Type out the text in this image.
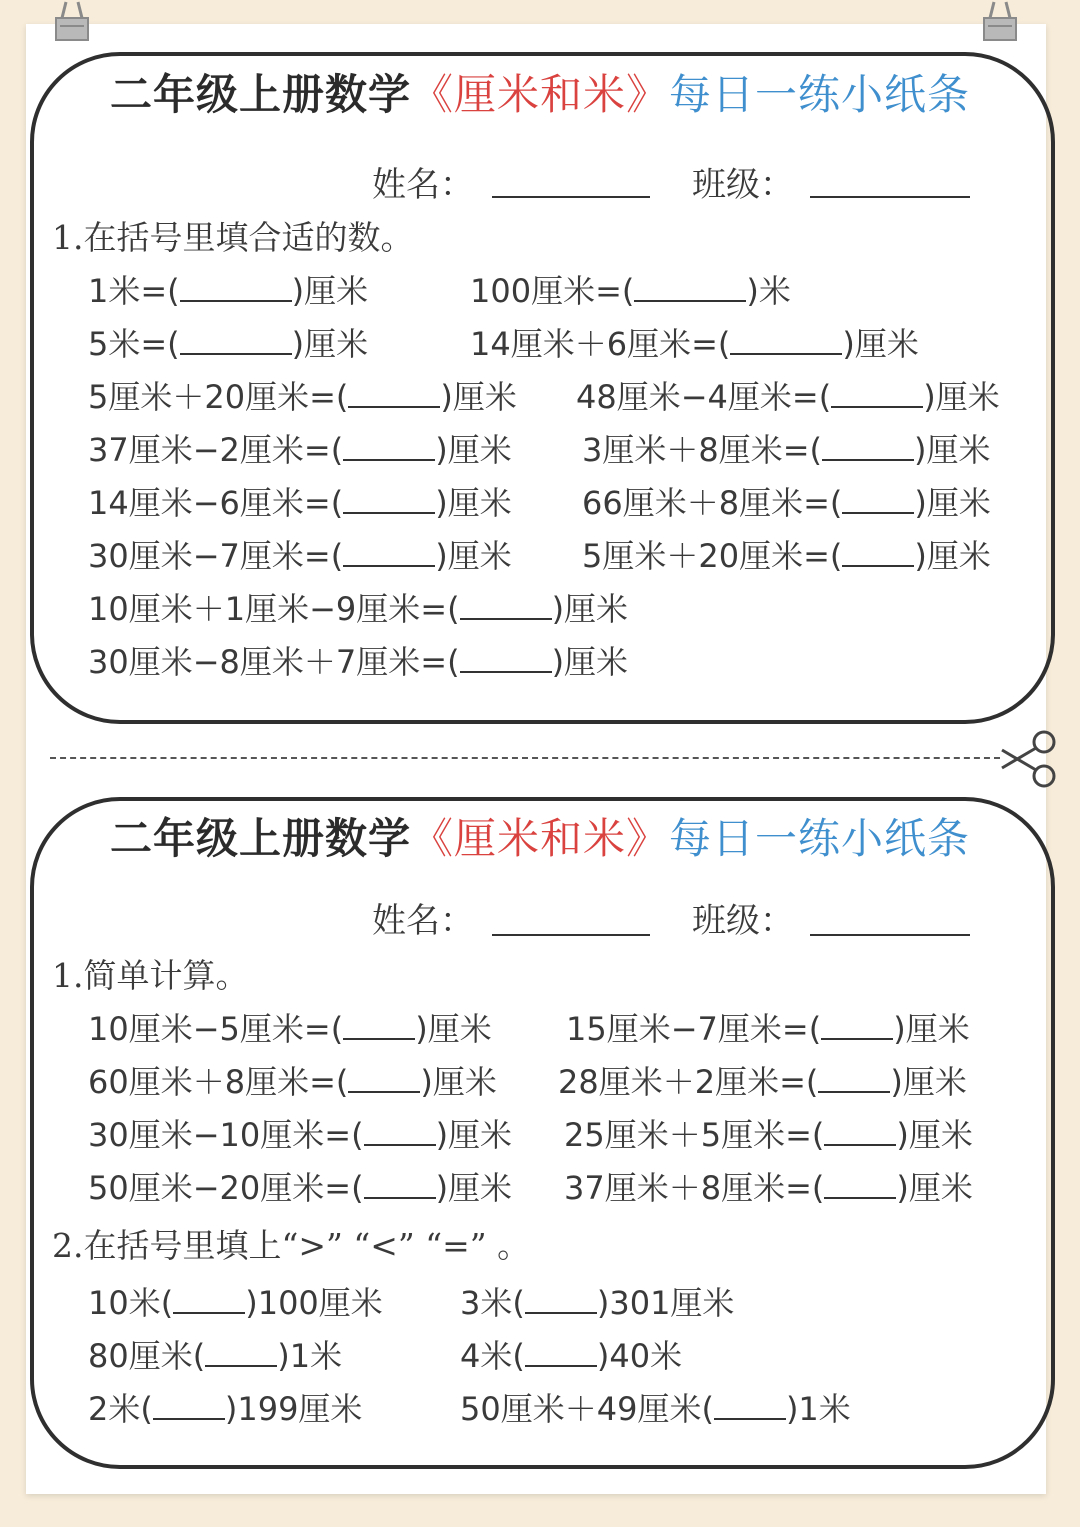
二年级上册数学《厘米和米》每日一练小纸条
姓名：	班级：
1.在括号里填合适的数。
1米=(	)厘米	100厘米=(	)米
5米=(	)厘米	14厘米＋6厘米=(	)厘米
5厘米＋20厘米=(	)厘米 48厘米−4厘米=(	)厘米
37厘米−2厘米=(	)厘米 3厘米＋8厘米=(	)厘米
14厘米−6厘米=(	)厘米 66厘米＋8厘米=( )厘米
30厘米−7厘米=(	)厘米 5厘米＋20厘米=( )厘米
10厘米＋1厘米−9厘米=(	)厘米
30厘米−8厘米＋7厘米=(	)厘米
二年级上册数学《厘米和米》每日一练小纸条
姓名：	班级：
1.简单计算。
10厘米−5厘米=( )厘米 15厘米−7厘米=( )厘米
60厘米＋8厘米=( )厘米 28厘米＋2厘米=( )厘米
30厘米−10厘米=( )厘米 25厘米＋5厘米=( )厘米
50厘米−20厘米=( )厘米 37厘米＋8厘米=( )厘米
2.在括号里填上“>” “<” “=” 。
10米( )100厘米 3米( )301厘米
80厘米( )1米	4米( )40米
2米( )199厘米	50厘米＋49厘米( )1米
